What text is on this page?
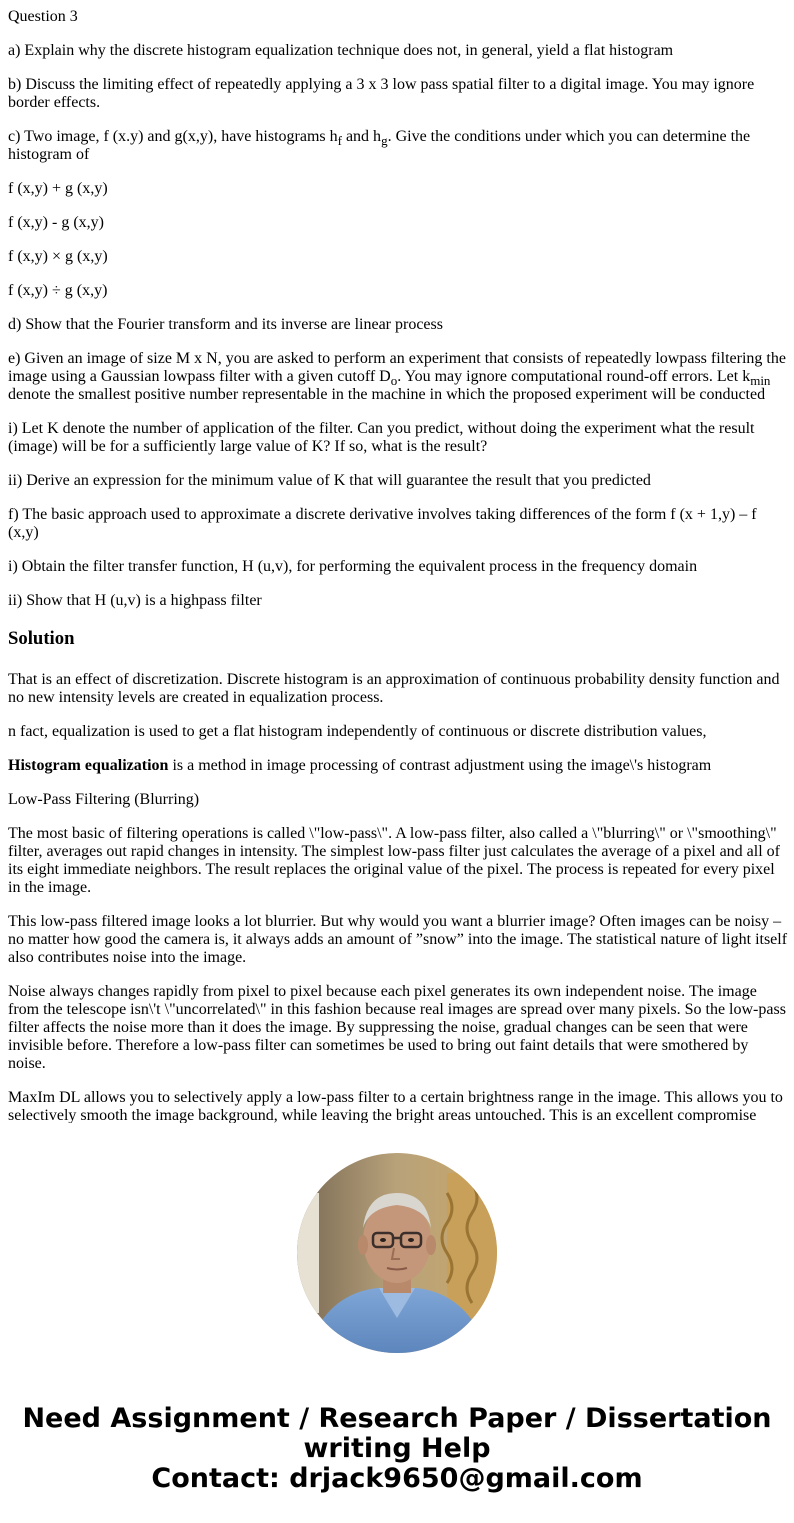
Question 3

a) Explain why the discrete histogram equalization technique does not, in general, yield a flat histogram

b) Discuss the limiting effect of repeatedly applying a 3 x 3 low pass spatial filter to a digital image. You may ignore border effects.

c) Two image, f (x.y) and g(x,y), have histograms $h_f$ and $h_g$. Give the conditions under which you can determine the histogram of

f (x,y) + g (x,y)

f (x,y) - g (x,y)

f (x,y) × g (x,y)

f (x,y) ÷ g (x,y)

d) Show that the Fourier transform and its inverse are linear process

e) Given an image of size M x N, you are asked to perform an experiment that consists of repeatedly lowpass filtering the image using a Gaussian lowpass filter with a given cutoff $D_o$. You may ignore computational round-off errors. Let $k_{min}$ denote the smallest positive number representable in the machine in which the proposed experiment will be conducted

i) Let K denote the number of application of the filter. Can you predict, without doing the experiment what the result (image) will be for a sufficiently large value of K? If so, what is the result?

ii) Derive an expression for the minimum value of K that will guarantee the result that you predicted

f) The basic approach used to approximate a discrete derivative involves taking differences of the form f (x + 1,y) – f (x,y)

i) Obtain the filter transfer function, H (u,v), for performing the equivalent process in the frequency domain

ii) Show that H (u,v) is a highpass filter

Solution

That is an effect of discretization. Discrete histogram is an approximation of continuous probability density function and no new intensity levels are created in equalization process.

n fact, equalization is used to get a flat histogram independently of continuous or discrete distribution values,

Histogram equalization is a method in image processing of contrast adjustment using the image\'s histogram

Low-Pass Filtering (Blurring)

The most basic of filtering operations is called \"low-pass\". A low-pass filter, also called a \"blurring\" or \"smoothing\" filter, averages out rapid changes in intensity. The simplest low-pass filter just calculates the average of a pixel and all of its eight immediate neighbors. The result replaces the original value of the pixel. The process is repeated for every pixel in the image.

This low-pass filtered image looks a lot blurrier. But why would you want a blurrier image? Often images can be noisy – no matter how good the camera is, it always adds an amount of ”snow” into the image. The statistical nature of light itself also contributes noise into the image.

Noise always changes rapidly from pixel to pixel because each pixel generates its own independent noise. The image from the telescope isn\'t \"uncorrelated\" in this fashion because real images are spread over many pixels. So the low-pass filter affects the noise more than it does the image. By suppressing the noise, gradual changes can be seen that were invisible before. Therefore a low-pass filter can sometimes be used to bring out faint details that were smothered by noise.

MaxIm DL allows you to selectively apply a low-pass filter to a certain brightness range in the image. This allows you to selectively smooth the image background, while leaving the bright areas untouched. This is an excellent compromise

Need Assignment / Research Paper / Dissertation
writing Help
Contact: drjack9650@gmail.com
